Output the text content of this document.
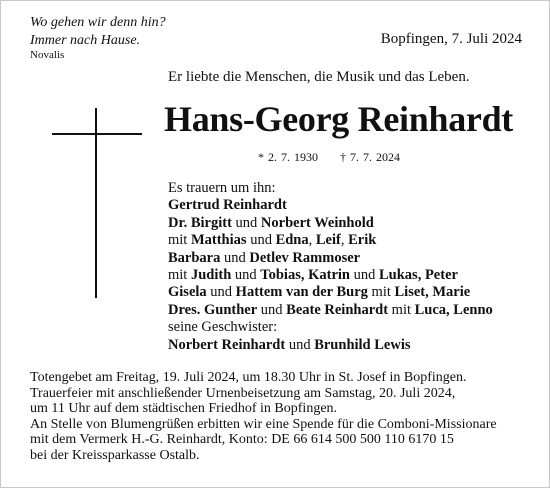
Wo gehen wir denn hin?
Immer nach Hause.
Novalis
Bopfingen, 7. Juli 2024
Er liebte die Menschen, die Musik und das Leben.
Hans-Georg Reinhardt
* 2. 7. 1930 † 7. 7. 2024
Es trauern um ihn:
Gertrud Reinhardt
Dr. Birgitt und Norbert Weinhold
mit Matthias und Edna, Leif, Erik
Barbara und Detlev Rammoser
mit Judith und Tobias, Katrin und Lukas, Peter
Gisela und Hattem van der Burg mit Liset, Marie
Dres. Gunther und Beate Reinhardt mit Luca, Lenno
seine Geschwister:
Norbert Reinhardt und Brunhild Lewis
Totengebet am Freitag, 19. Juli 2024, um 18.30 Uhr in St. Josef in Bopfingen.
Trauerfeier mit anschließender Urnenbeisetzung am Samstag, 20. Juli 2024,
um 11 Uhr auf dem städtischen Friedhof in Bopfingen.
An Stelle von Blumengrüßen erbitten wir eine Spende für die Comboni-Missionare
mit dem Vermerk H.-G. Reinhardt, Konto: DE 66 614 500 500 110 6170 15
bei der Kreissparkasse Ostalb.
